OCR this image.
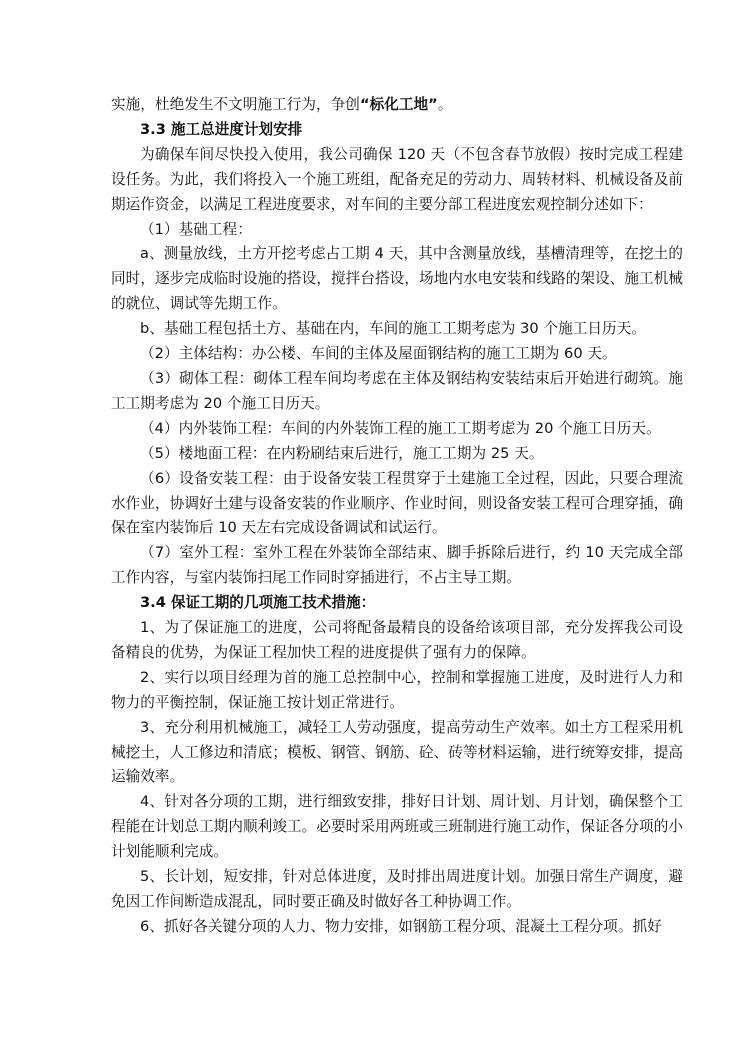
实施，杜绝发生不文明施工行为，争创“标化工地”。

3.3 施工总进度计划安排

为确保车间尽快投入使用，我公司确保 120 天（不包含春节放假）按时完成工程建设任务。为此，我们将投入一个施工班组，配备充足的劳动力、周转材料、机械设备及前期运作资金，以满足工程进度要求，对车间的主要分部工程进度宏观控制分述如下：

（1）基础工程：

a、测量放线，土方开挖考虑占工期 4 天，其中含测量放线，基槽清理等，在挖土的同时，逐步完成临时设施的搭设，搅拌台搭设，场地内水电安装和线路的架设、施工机械的就位、调试等先期工作。

b、基础工程包括土方、基础在内，车间的施工工期考虑为 30 个施工日历天。

（2）主体结构：办公楼、车间的主体及屋面钢结构的施工工期为 60 天。

（3）砌体工程：砌体工程车间均考虑在主体及钢结构安装结束后开始进行砌筑。施工工期考虑为 20 个施工日历天。

（4）内外装饰工程：车间的内外装饰工程的施工工期考虑为 20 个施工日历天。

（5）楼地面工程：在内粉刷结束后进行，施工工期为 25 天。

（6）设备安装工程：由于设备安装工程贯穿于土建施工全过程，因此，只要合理流水作业，协调好土建与设备安装的作业顺序、作业时间，则设备安装工程可合理穿插，确保在室内装饰后 10 天左右完成设备调试和试运行。

（7）室外工程：室外工程在外装饰全部结束、脚手拆除后进行，约 10 天完成全部工作内容，与室内装饰扫尾工作同时穿插进行，不占主导工期。

3.4 保证工期的几项施工技术措施：

1、为了保证施工的进度，公司将配备最精良的设备给该项目部，充分发挥我公司设备精良的优势，为保证工程加快工程的进度提供了强有力的保障。

2、实行以项目经理为首的施工总控制中心，控制和掌握施工进度，及时进行人力和物力的平衡控制，保证施工按计划正常进行。

3、充分利用机械施工，减轻工人劳动强度，提高劳动生产效率。如土方工程采用机械挖土，人工修边和清底；模板、钢管、钢筋、砼、砖等材料运输，进行统筹安排，提高运输效率。

4、针对各分项的工期，进行细致安排，排好日计划、周计划、月计划，确保整个工程能在计划总工期内顺利竣工。必要时采用两班或三班制进行施工动作，保证各分项的小计划能顺利完成。

5、长计划，短安排，针对总体进度，及时排出周进度计划。加强日常生产调度，避免因工作间断造成混乱，同时要正确及时做好各工种协调工作。

6、抓好各关键分项的人力、物力安排，如钢筋工程分项、混凝土工程分项。抓好
